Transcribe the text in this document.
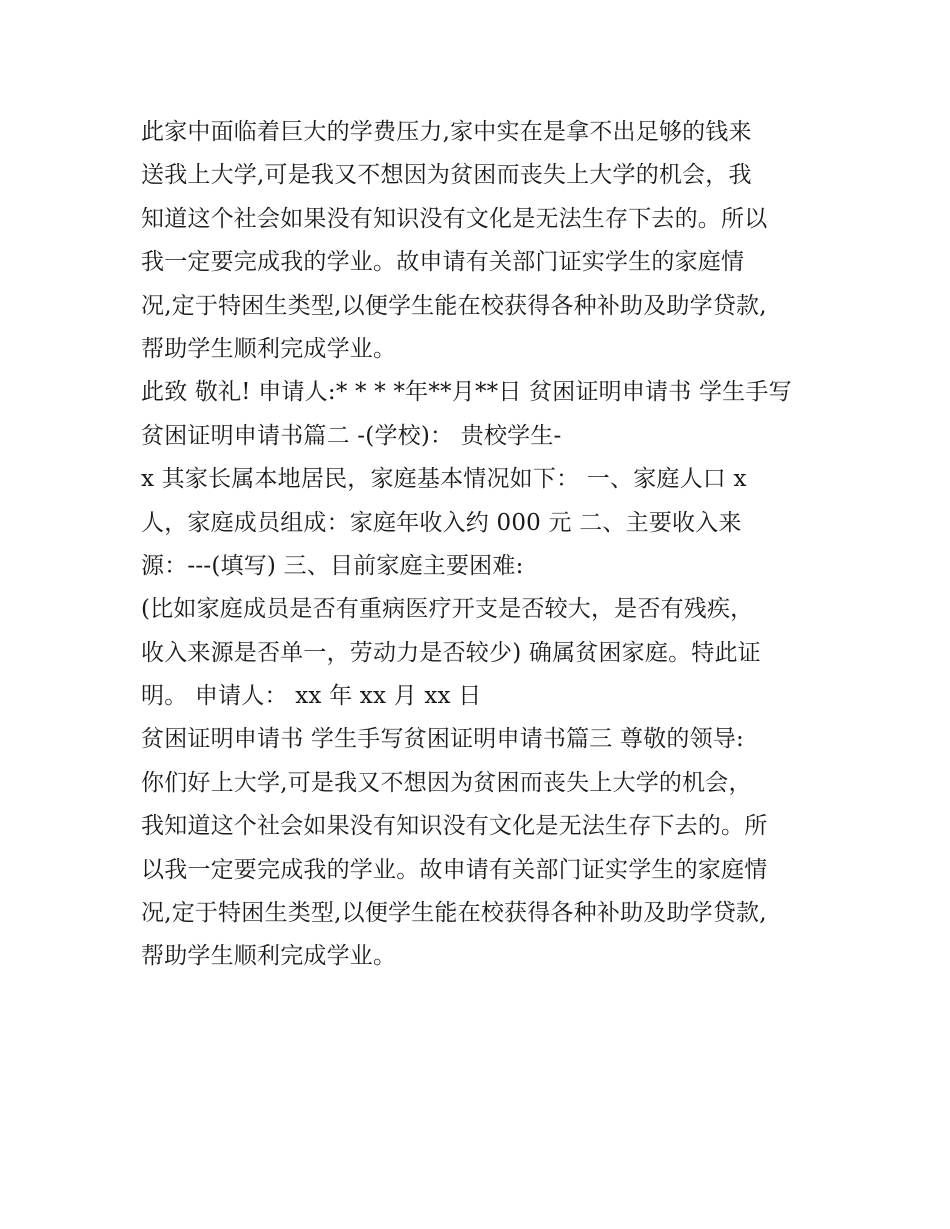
此家中面临着巨大的学费压力,家中实在是拿不出足够的钱来
送我上大学,可是我又不想因为贫困而丧失上大学的机会，我
知道这个社会如果没有知识没有文化是无法生存下去的。所以
我一定要完成我的学业。故申请有关部门证实学生的家庭情
况,定于特困生类型,以便学生能在校获得各种补助及助学贷款,
帮助学生顺利完成学业。
此致 敬礼! 申请人:* * * *年**月**日 贫困证明申请书 学生手写
贫困证明申请书篇二 -(学校)： 贵校学生-
x 其家长属本地居民，家庭基本情况如下： 一、家庭人口 x
人，家庭成员组成：家庭年收入约 000 元 二、主要收入来
源：---(填写) 三、目前家庭主要困难:
(比如家庭成员是否有重病医疗开支是否较大，是否有残疾，
收入来源是否单一，劳动力是否较少) 确属贫困家庭。特此证
明。 申请人： xx 年 xx 月 xx 日
贫困证明申请书 学生手写贫困证明申请书篇三 尊敬的领导:
你们好上大学,可是我又不想因为贫困而丧失上大学的机会，
我知道这个社会如果没有知识没有文化是无法生存下去的。所
以我一定要完成我的学业。故申请有关部门证实学生的家庭情
况,定于特困生类型,以便学生能在校获得各种补助及助学贷款,
帮助学生顺利完成学业。
